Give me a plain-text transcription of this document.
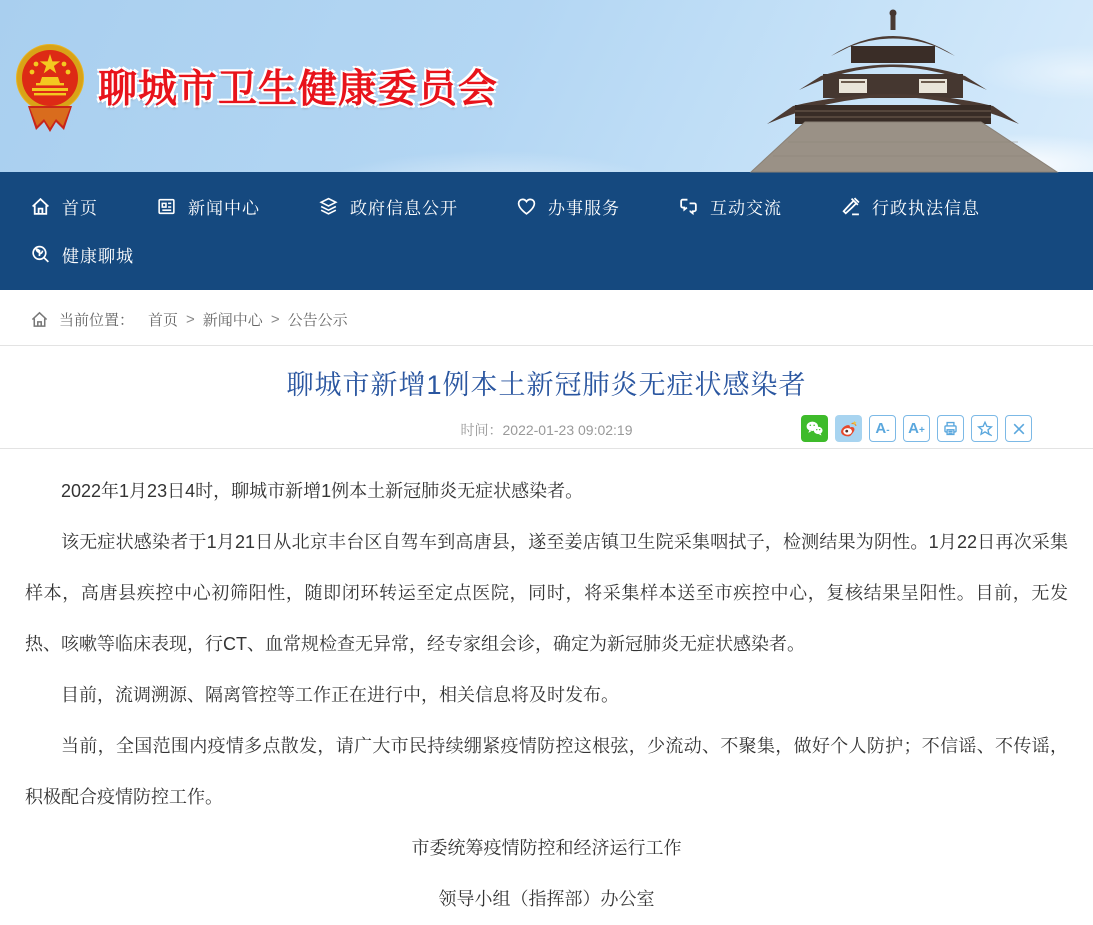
聊城市卫生健康委员会
首页	新闻中心	政府信息公开	办事服务	互动交流	行政执法信息
健康聊城
当前位置： 首页 > 新闻中心 > 公告公示
聊城市新增1例本土新冠肺炎无症状感染者
时间：2022-01-23 09:02:19	A- A+

2022年1月23日4时，聊城市新增1例本土新冠肺炎无症状感染者。

该无症状感染者于1月21日从北京丰台区自驾车到高唐县，遂至姜店镇卫生院采集咽拭子，检测结果为阴性。1月22日再次采集样本，高唐县疾控中心初筛阳性，随即闭环转运至定点医院，同时，将采集样本送至市疾控中心，复核结果呈阳性。目前，无发热、咳嗽等临床表现，行CT、血常规检查无异常，经专家组会诊，确定为新冠肺炎无症状感染者。

目前，流调溯源、隔离管控等工作正在进行中，相关信息将及时发布。

当前，全国范围内疫情多点散发，请广大市民持续绷紧疫情防控这根弦，少流动、不聚集，做好个人防护；不信谣、不传谣，积极配合疫情防控工作。

市委统筹疫情防控和经济运行工作
领导小组（指挥部）办公室
